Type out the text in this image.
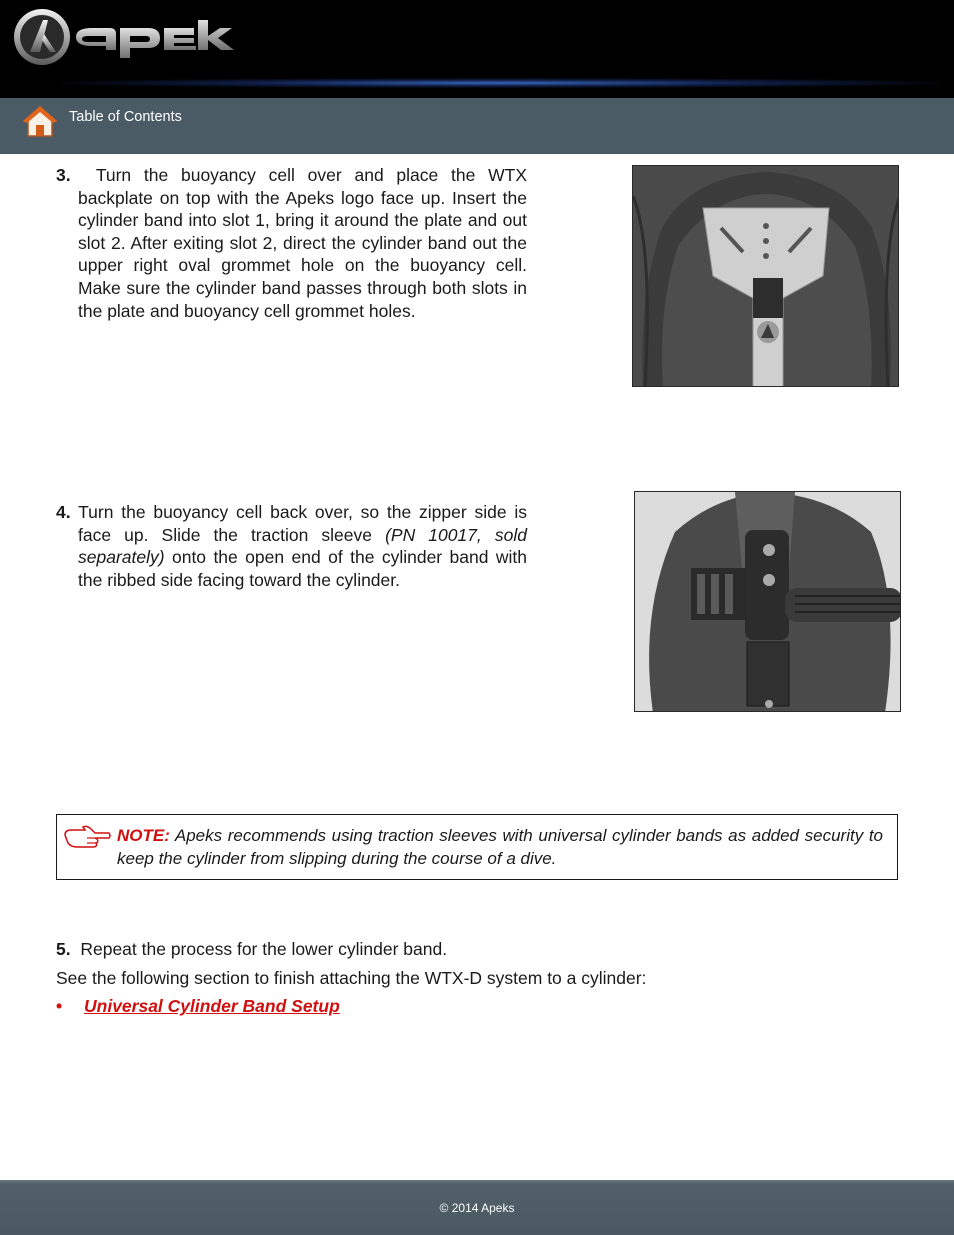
Table of Contents
3. Turn the buoyancy cell over and place the WTX backplate on top with the Apeks logo face up. Insert the cylinder band into slot 1, bring it around the plate and out slot 2. After exiting slot 2, direct the cylinder band out the upper right oval grommet hole on the buoyancy cell. Make sure the cylinder band passes through both slots in the plate and buoyancy cell grommet holes.
4. Turn the buoyancy cell back over, so the zipper side is face up. Slide the traction sleeve (PN 10017, sold separately) onto the open end of the cylinder band with the ribbed side facing toward the cylinder.
NOTE: Apeks recommends using traction sleeves with universal cylinder bands as added security to keep the cylinder from slipping during the course of a dive.
5. Repeat the process for the lower cylinder band.
See the following section to finish attaching the WTX-D system to a cylinder:
• Universal Cylinder Band Setup
© 2014 Apeks
